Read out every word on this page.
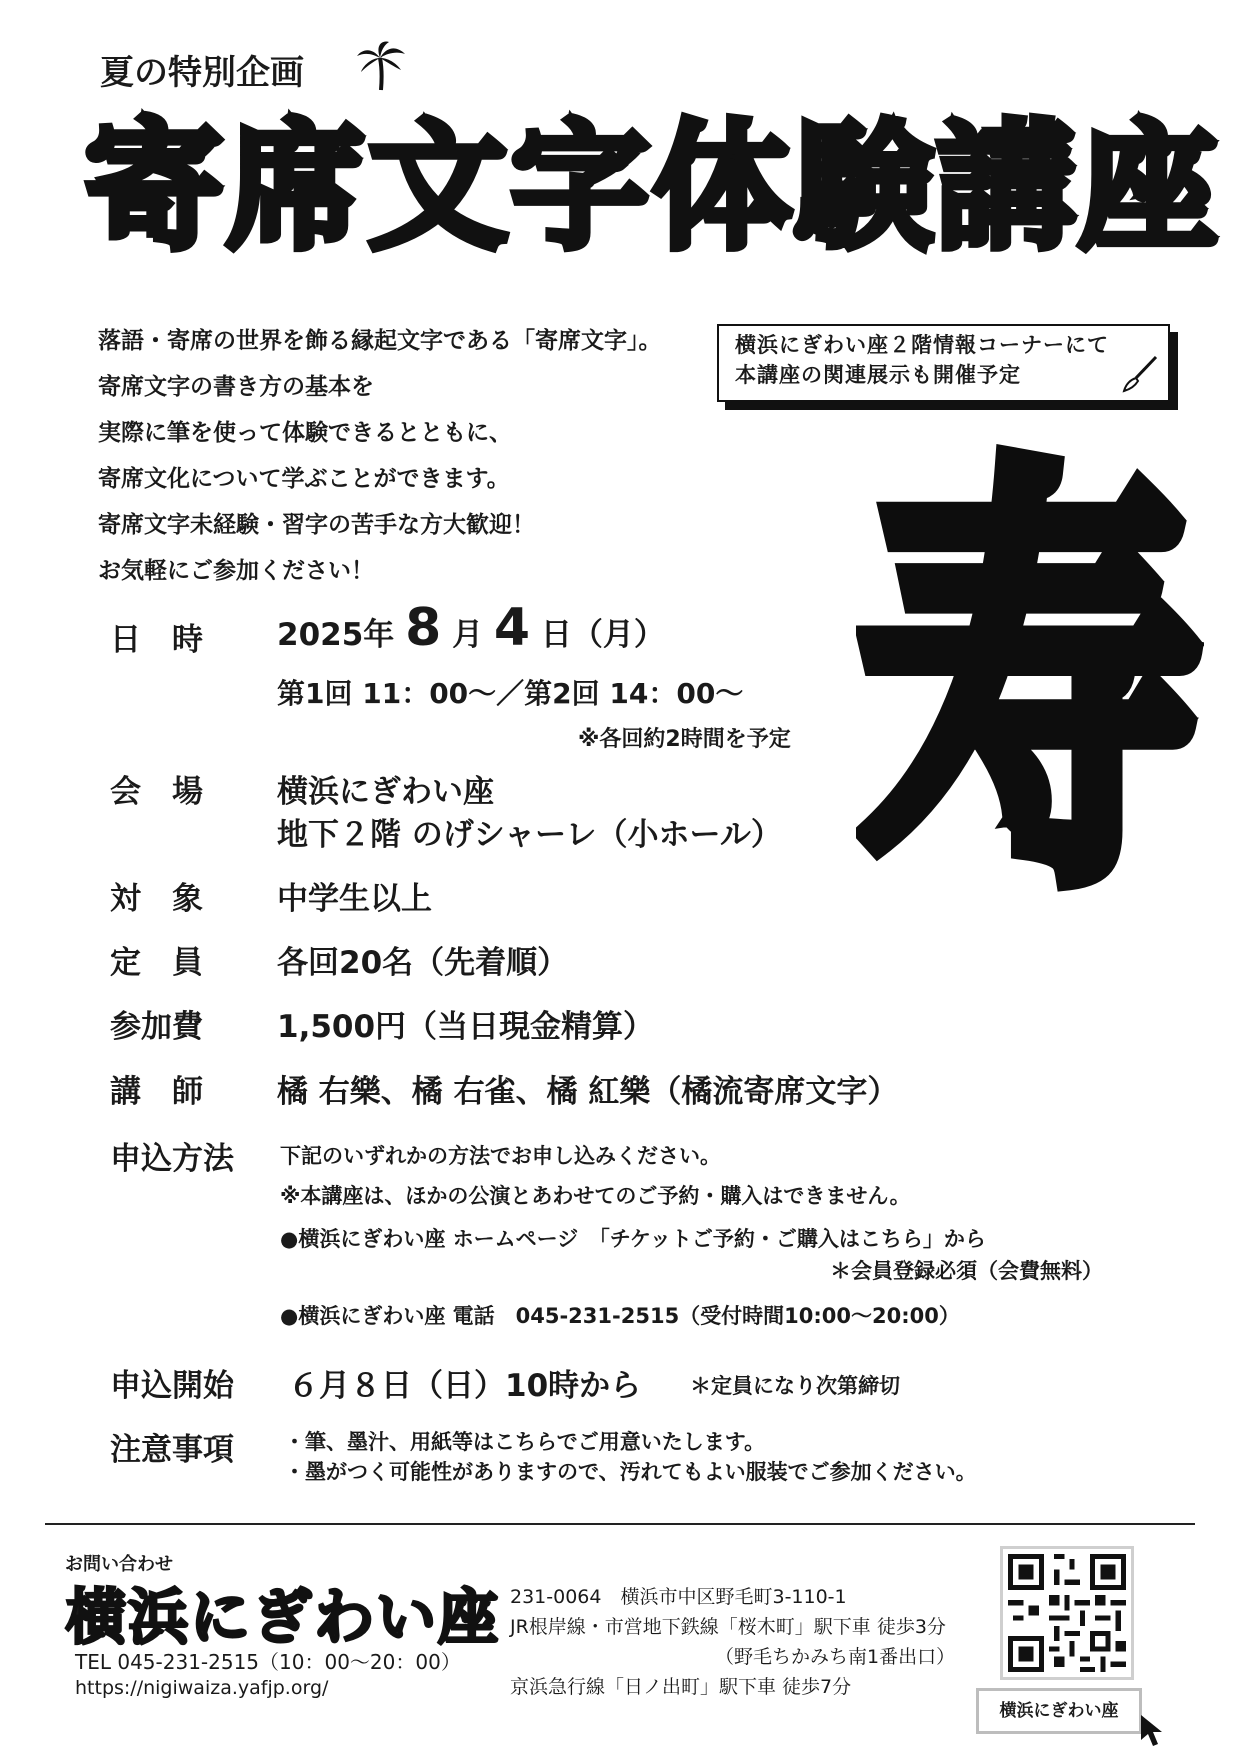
夏の特別企画
寄席文字体験講座
落語・寄席の世界を飾る縁起文字である「寄席文字」。
寄席文字の書き方の基本を
実際に筆を使って体験できるとともに、
寄席文化について学ぶことができます。
寄席文字未経験・習字の苦手な方大歓迎！
お気軽にご参加ください！
横浜にぎわい座２階情報コーナーにて
本講座の関連展示も開催予定
寿
日　時 2025年 8 月 4 日（月）
第1回 11：00～／第2回 14：00～
※各回約2時間を予定
会　場 横浜にぎわい座
地下２階 のげシャーレ（小ホール）
対　象 中学生以上
定　員 各回20名（先着順）
参加費 1,500円（当日現金精算）
講　師 橘 右樂、橘 右雀、橘 紅樂（橘流寄席文字）
申込方法 下記のいずれかの方法でお申し込みください。
※本講座は、ほかの公演とあわせてのご予約・購入はできません。
●横浜にぎわい座 ホームページ　「チケットご予約・ご購入はこちら」から
＊会員登録必須（会費無料）
●横浜にぎわい座 電話　045-231-2515（受付時間10:00～20:00）
申込開始 ６月８日（日）10時から ＊定員になり次第締切
注意事項 ・筆、墨汁、用紙等はこちらでご用意いたします。
・墨がつく可能性がありますので、汚れてもよい服装でご参加ください。
お問い合わせ
横浜にぎわい座
TEL 045-231-2515（10：00～20：00）
https://nigiwaiza.yafjp.org/
231-0064　横浜市中区野毛町3-110-1
JR根岸線・市営地下鉄線「桜木町」駅下車 徒歩3分
（野毛ちかみち南1番出口）
京浜急行線「日ノ出町」駅下車 徒歩7分
横浜にぎわい座
